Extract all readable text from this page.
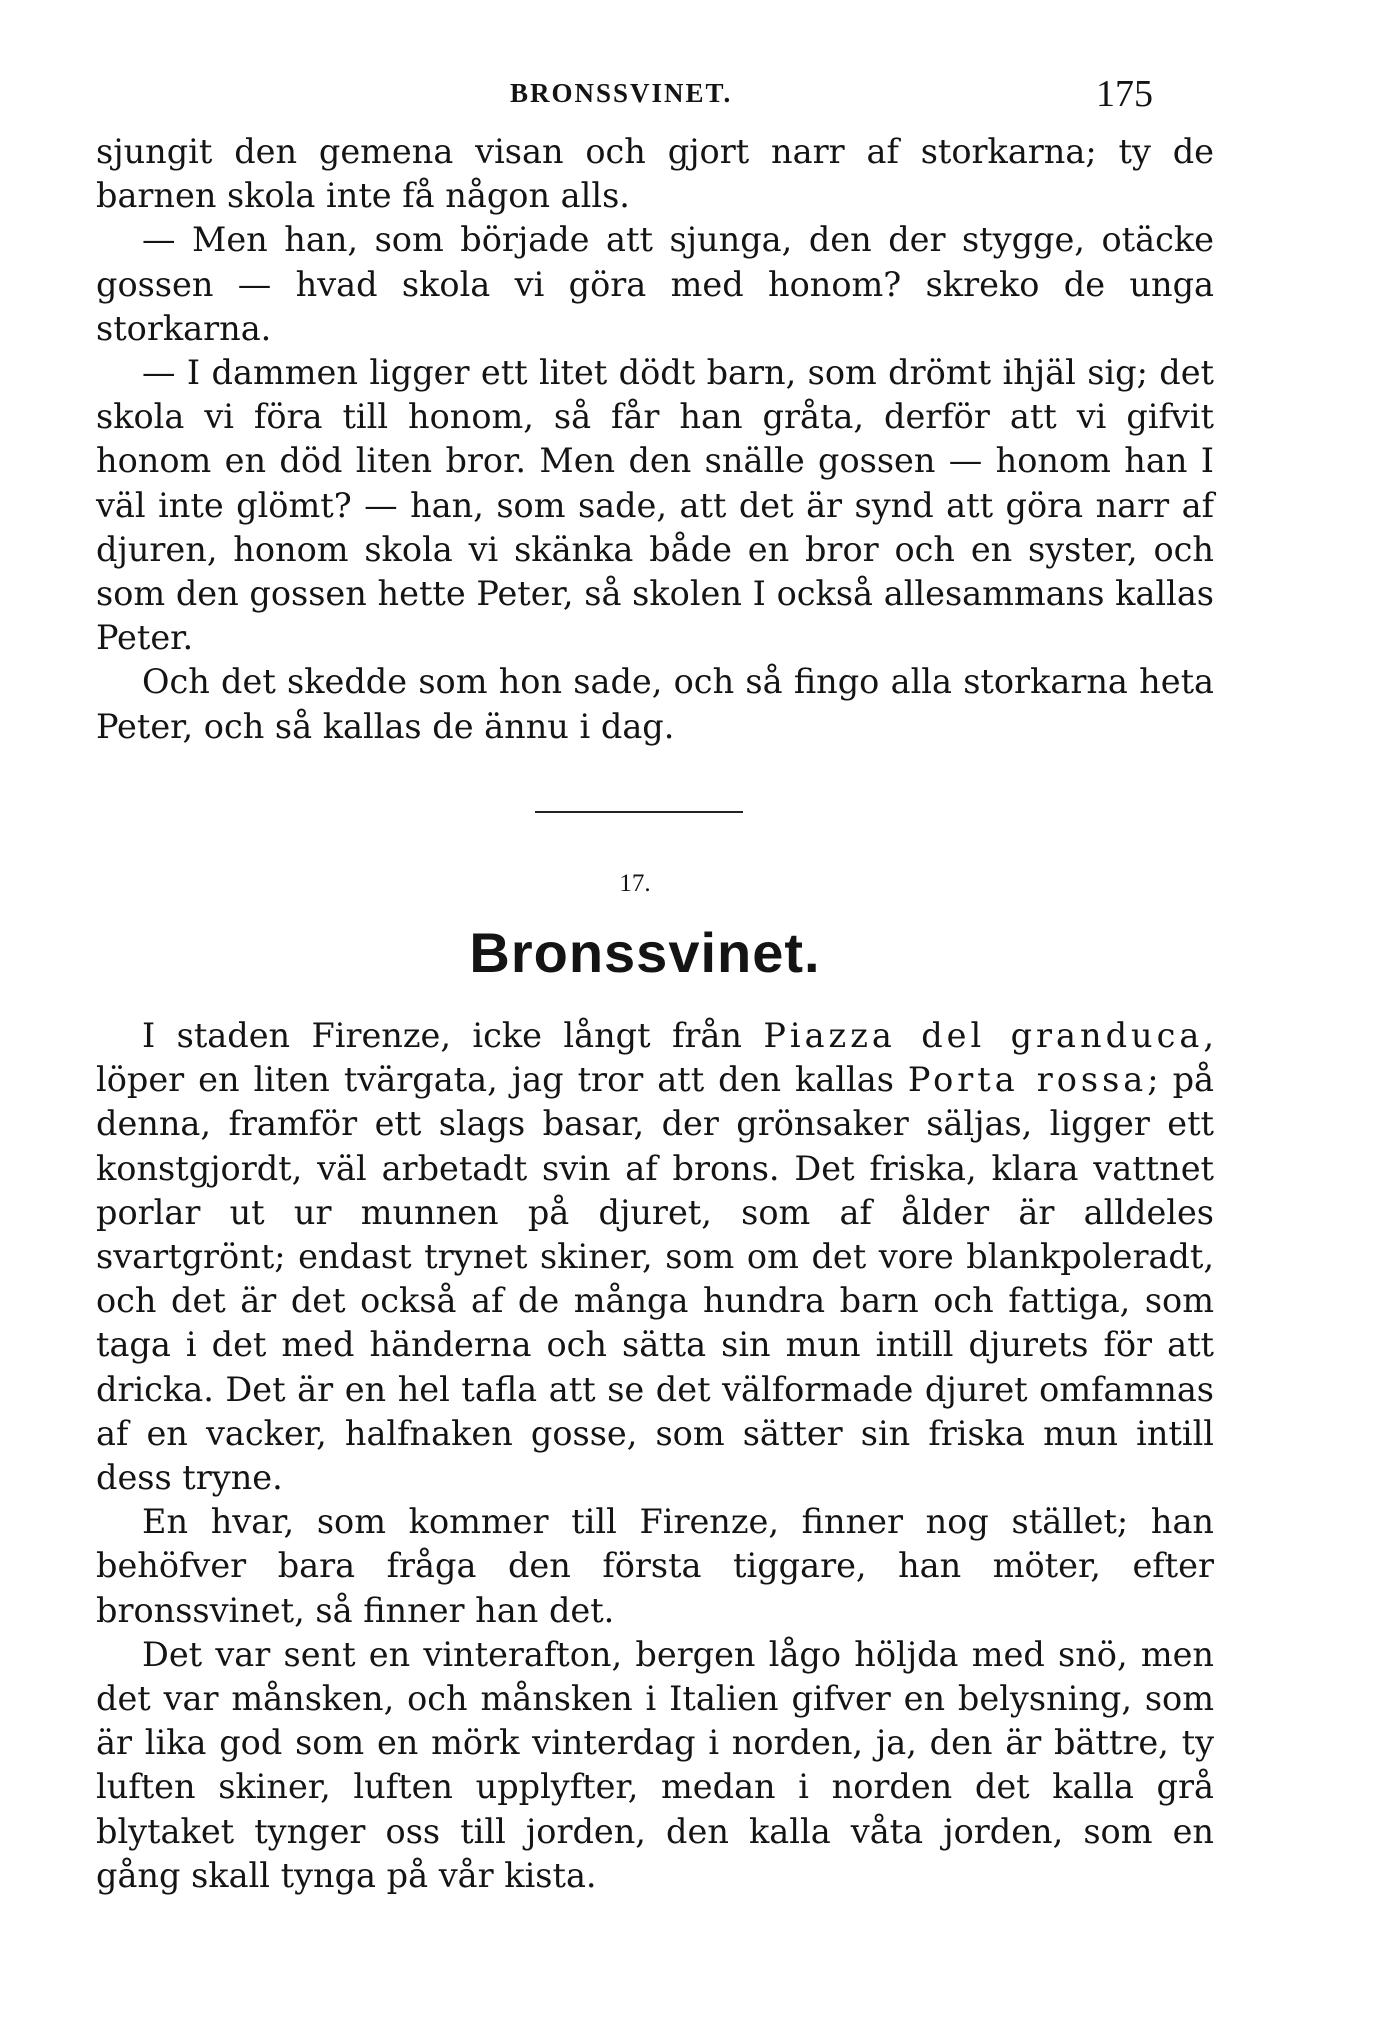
BRONSSVINET.	175

sjungit den gemena visan och gjort narr af storkarna; ty de barnen skola inte få någon alls.

— Men han, som började att sjunga, den der stygge, otäcke gossen — hvad skola vi göra med honom? skreko de unga storkarna.

— I dammen ligger ett litet dödt barn, som drömt ihjäl sig; det skola vi föra till honom, så får han gråta, derför att vi gifvit honom en död liten bror. Men den snälle gossen — honom han I väl inte glömt? — han, som sade, att det är synd att göra narr af djuren, honom skola vi skänka både en bror och en syster, och som den gossen hette Peter, så skolen I också allesammans kallas Peter.

Och det skedde som hon sade, och så fingo alla storkarna heta Peter, och så kallas de ännu i dag.

17.
Bronssvinet.

I staden Firenze, icke långt från Piazza del granduca, löper en liten tvärgata, jag tror att den kallas Porta rossa; på denna, framför ett slags basar, der grönsaker säljas, ligger ett konstgjordt, väl arbetadt svin af brons. Det friska, klara vattnet porlar ut ur munnen på djuret, som af ålder är alldeles svartgrönt; endast trynet skiner, som om det vore blankpoleradt, och det är det också af de många hundra barn och fattiga, som taga i det med händerna och sätta sin mun intill djurets för att dricka. Det är en hel tafla att se det välformade djuret omfamnas af en vacker, halfnaken gosse, som sätter sin friska mun intill dess tryne.

En hvar, som kommer till Firenze, finner nog stället; han behöfver bara fråga den första tiggare, han möter, efter bronssvinet, så finner han det.

Det var sent en vinterafton, bergen lågo höljda med snö, men det var månsken, och månsken i Italien gifver en belysning, som är lika god som en mörk vinterdag i norden, ja, den är bättre, ty luften skiner, luften upplyfter, medan i norden det kalla grå blytaket tynger oss till jorden, den kalla våta jorden, som en gång skall tynga på vår kista.
